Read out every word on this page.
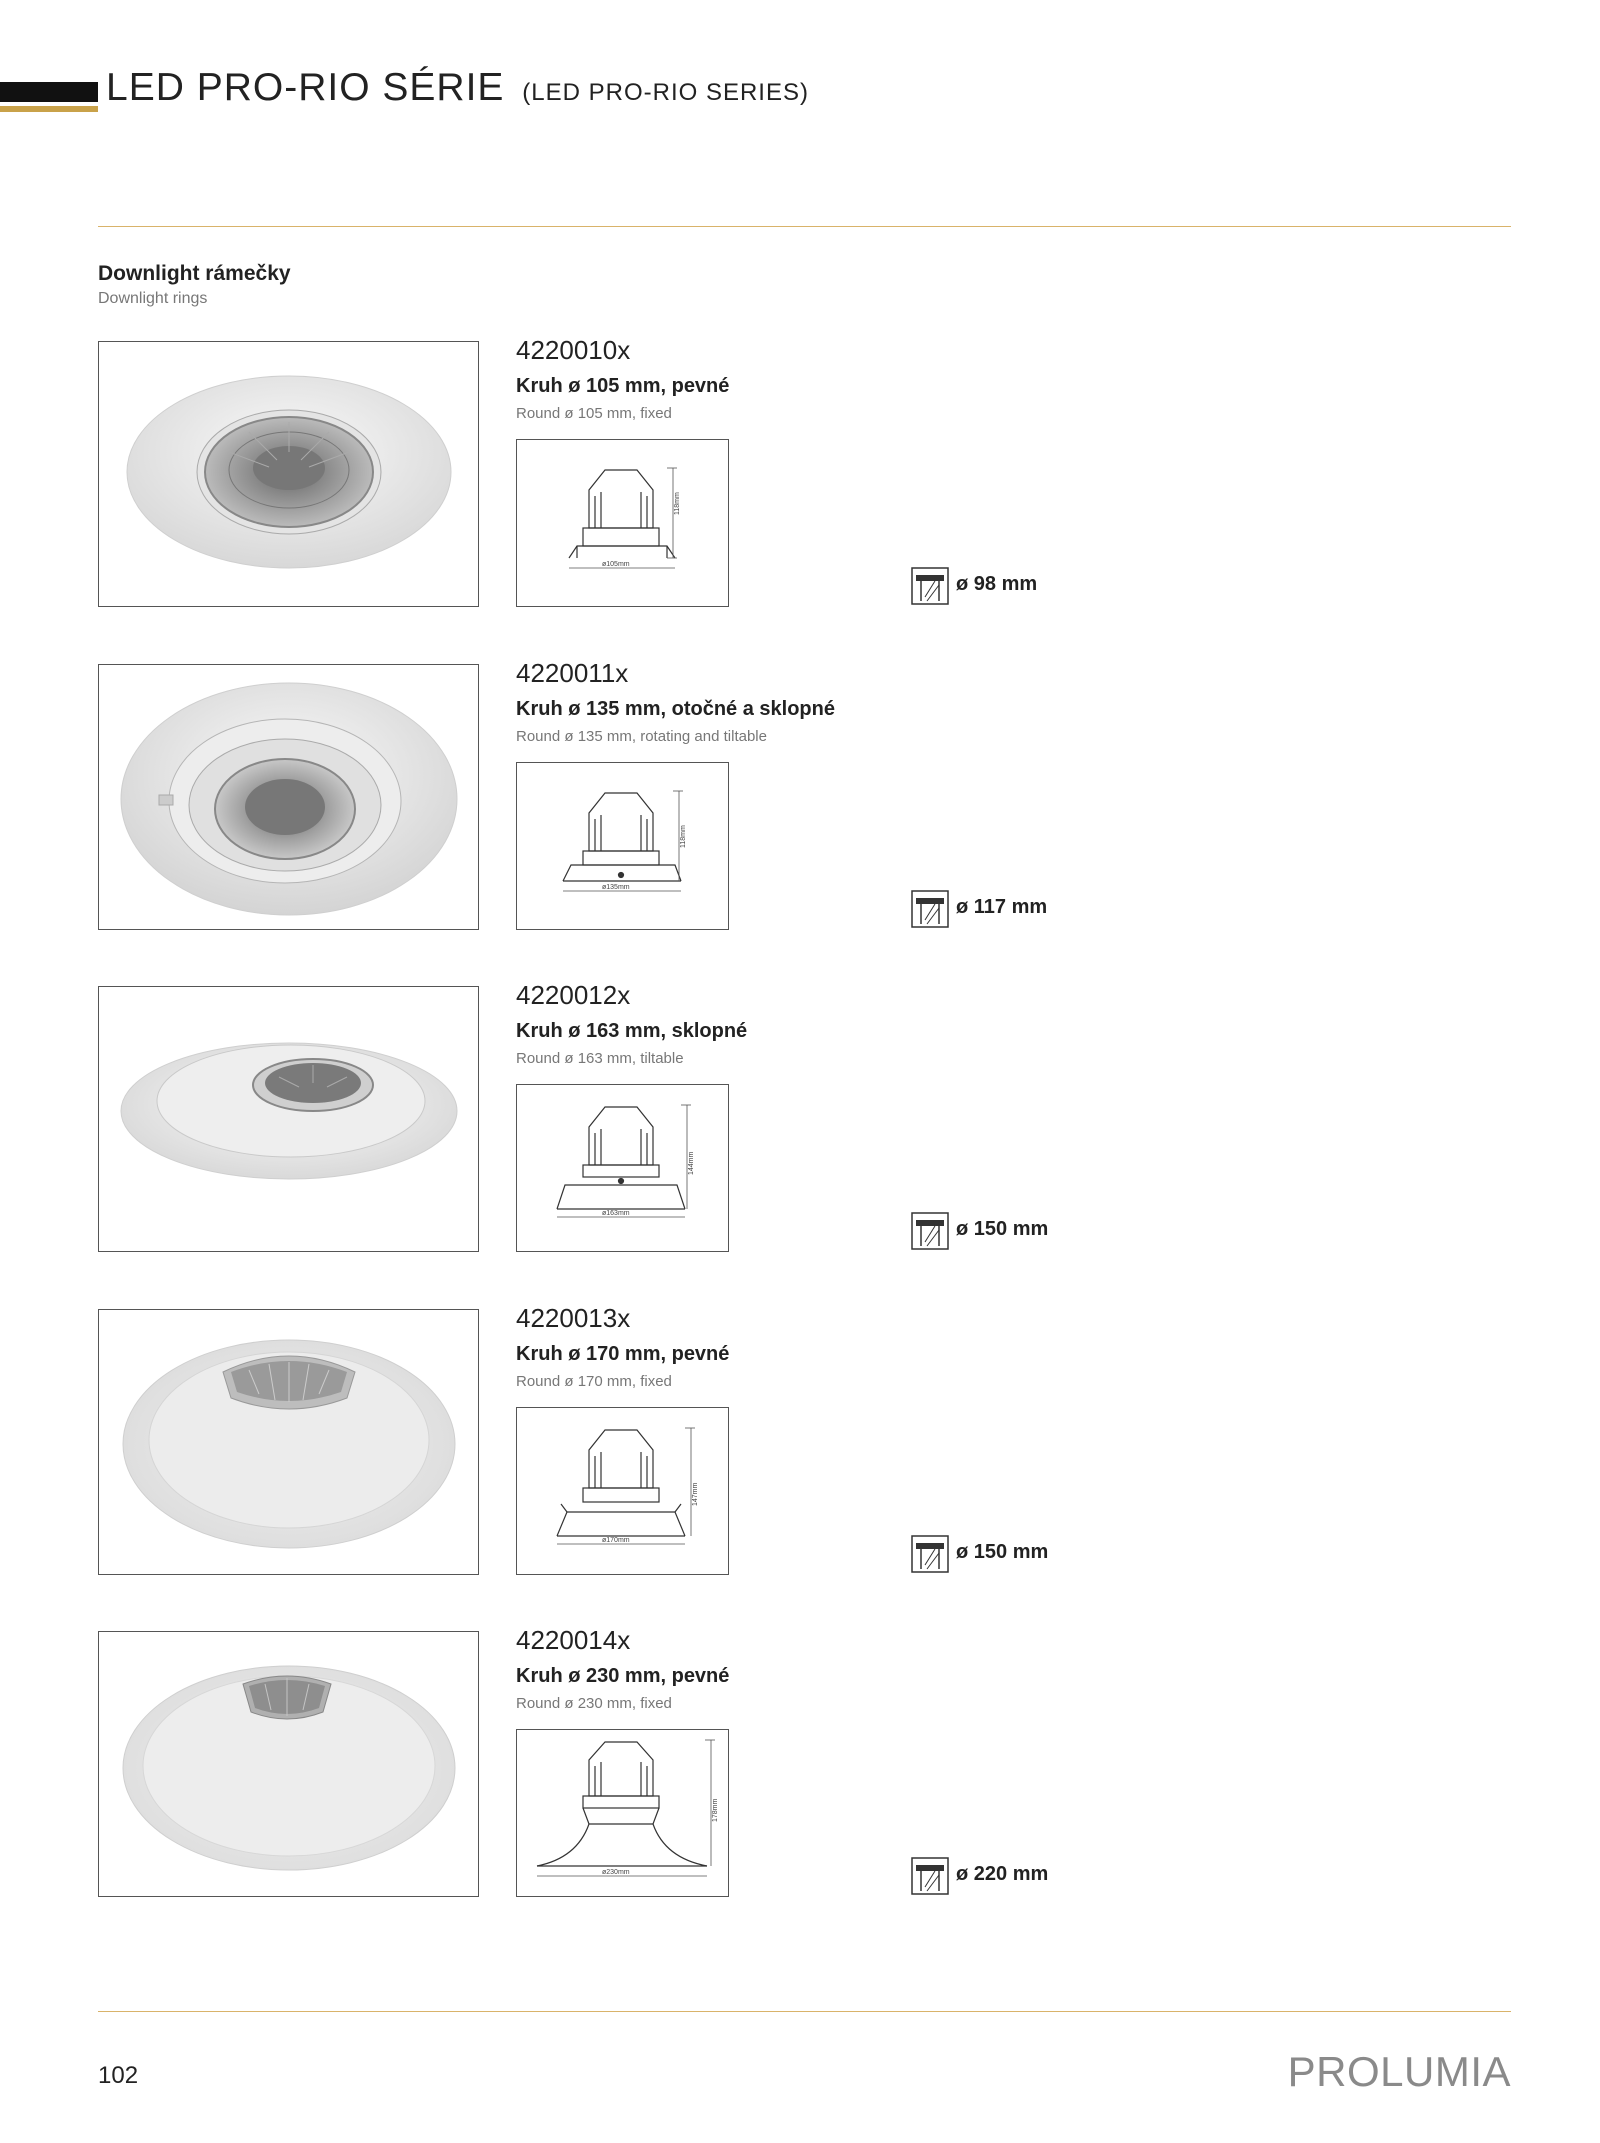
LED PRO-RIO SÉRIE (LED PRO-RIO SERIES)
Downlight rámečky
Downlight rings
4220010x
Kruh ø 105 mm, pevné
Round ø 105 mm, fixed
118mm
ø105mm
ø 98 mm
4220011x
Kruh ø 135 mm, otočné a sklopné
Round ø 135 mm, rotating and tiltable
118mm
ø135mm
ø 117 mm
4220012x
Kruh ø 163 mm, sklopné
Round ø 163 mm, tiltable
144mm
ø163mm
ø 150 mm
4220013x
Kruh ø 170 mm, pevné
Round ø 170 mm, fixed
147mm
ø170mm
ø 150 mm
4220014x
Kruh ø 230 mm, pevné
Round ø 230 mm, fixed
178mm
ø230mm	ø 220 mm
102	PROLUMIA
